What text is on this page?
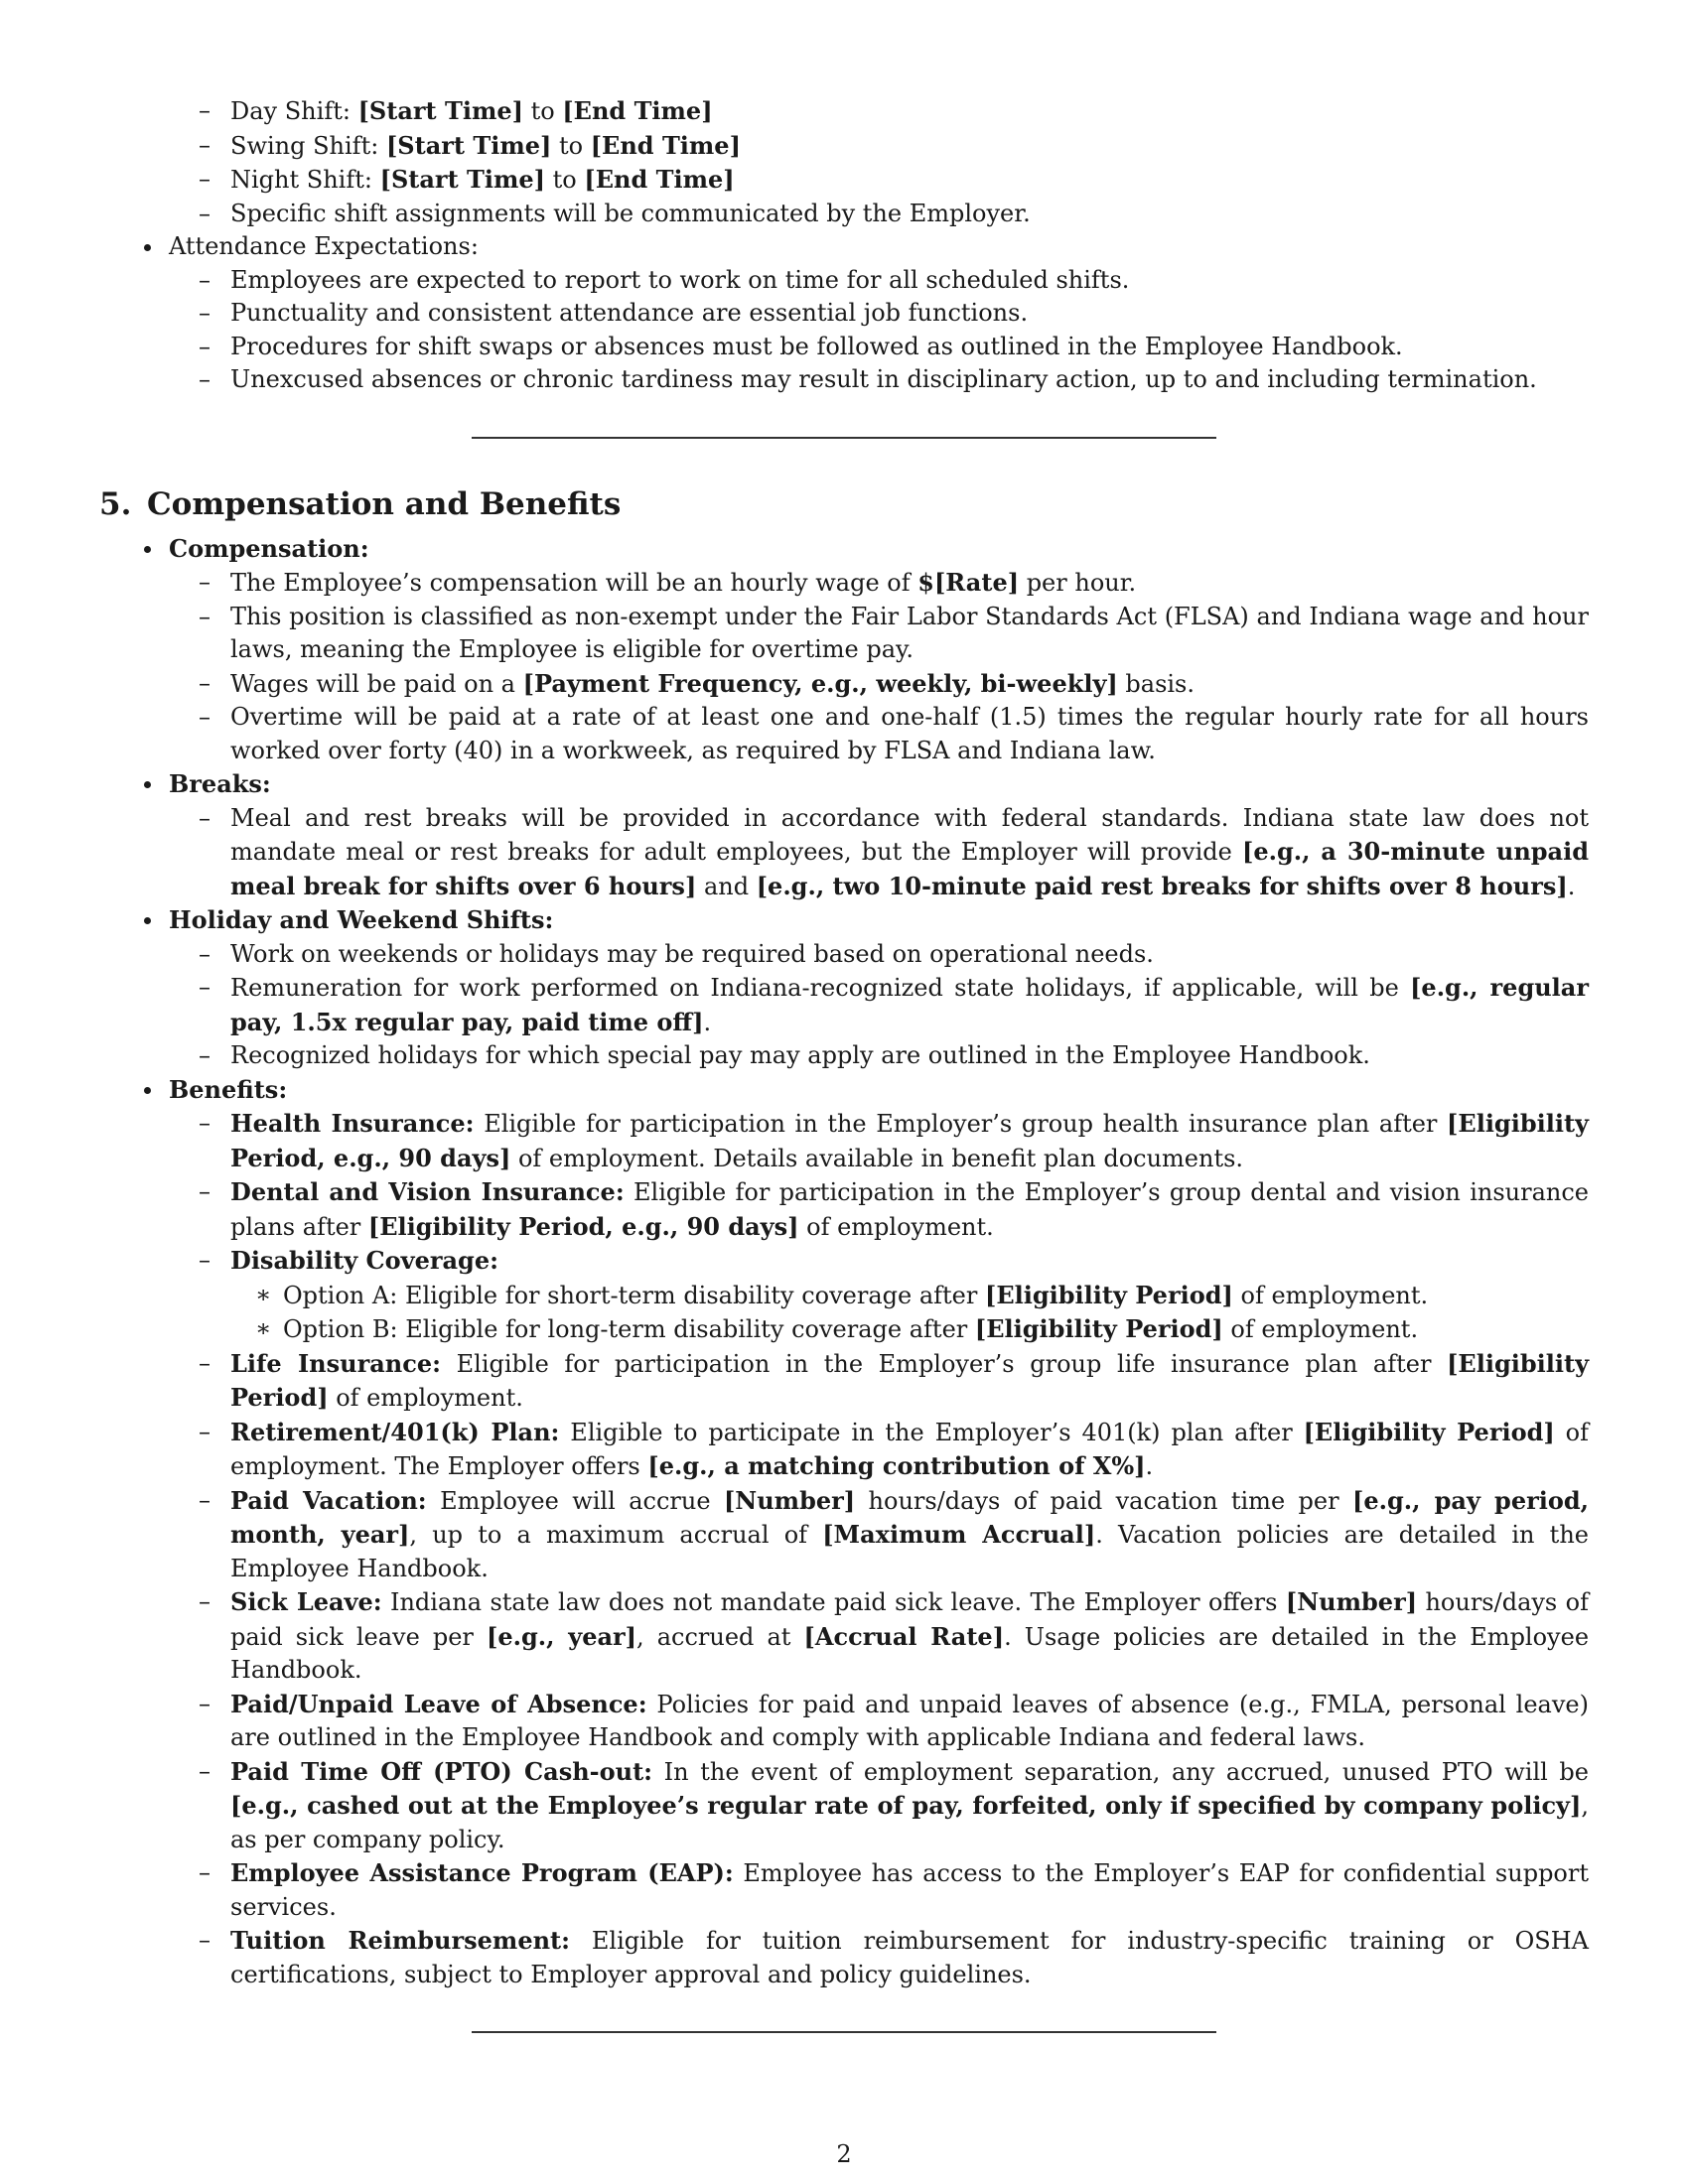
– Day Shift: [Start Time] to [End Time]
– Swing Shift: [Start Time] to [End Time]
– Night Shift: [Start Time] to [End Time]
– Specific shift assignments will be communicated by the Employer.
Attendance Expectations:
– Employees are expected to report to work on time for all scheduled shifts.
– Punctuality and consistent attendance are essential job functions.
– Procedures for shift swaps or absences must be followed as outlined in the Employee Handbook.
– Unexcused absences or chronic tardiness may result in disciplinary action, up to and including termination.
5. Compensation and Benefits
Compensation:
– The Employee’s compensation will be an hourly wage of $[Rate] per hour.
– This position is classified as non-exempt under the Fair Labor Standards Act (FLSA) and Indiana wage and hour laws, meaning the Employee is eligible for overtime pay.
– Wages will be paid on a [Payment Frequency, e.g., weekly, bi-weekly] basis.
– Overtime will be paid at a rate of at least one and one-half (1.5) times the regular hourly rate for all hours worked over forty (40) in a workweek, as required by FLSA and Indiana law.
Breaks:
– Meal and rest breaks will be provided in accordance with federal standards. Indiana state law does not mandate meal or rest breaks for adult employees, but the Employer will provide [e.g., a 30-minute unpaid meal break for shifts over 6 hours] and [e.g., two 10-minute paid rest breaks for shifts over 8 hours].
Holiday and Weekend Shifts:
– Work on weekends or holidays may be required based on operational needs.
– Remuneration for work performed on Indiana-recognized state holidays, if applicable, will be [e.g., regular pay, 1.5x regular pay, paid time off].
– Recognized holidays for which special pay may apply are outlined in the Employee Handbook.
Benefits:
– Health Insurance: Eligible for participation in the Employer’s group health insurance plan after [Eligibility Period, e.g., 90 days] of employment. Details available in benefit plan documents.
– Dental and Vision Insurance: Eligible for participation in the Employer’s group dental and vision insurance plans after [Eligibility Period, e.g., 90 days] of employment.
– Disability Coverage:
∗ Option A: Eligible for short-term disability coverage after [Eligibility Period] of employment.
∗ Option B: Eligible for long-term disability coverage after [Eligibility Period] of employment.
– Life Insurance: Eligible for participation in the Employer’s group life insurance plan after [Eligibility Period] of employment.
– Retirement/401(k) Plan: Eligible to participate in the Employer’s 401(k) plan after [Eligibility Period] of employment. The Employer offers [e.g., a matching contribution of X%].
– Paid Vacation: Employee will accrue [Number] hours/days of paid vacation time per [e.g., pay period, month, year], up to a maximum accrual of [Maximum Accrual]. Vacation policies are detailed in the Employee Handbook.
– Sick Leave: Indiana state law does not mandate paid sick leave. The Employer offers [Number] hours/days of paid sick leave per [e.g., year], accrued at [Accrual Rate]. Usage policies are detailed in the Employee Handbook.
– Paid/Unpaid Leave of Absence: Policies for paid and unpaid leaves of absence (e.g., FMLA, personal leave) are outlined in the Employee Handbook and comply with applicable Indiana and federal laws.
– Paid Time Off (PTO) Cash-out: In the event of employment separation, any accrued, unused PTO will be [e.g., cashed out at the Employee’s regular rate of pay, forfeited, only if specified by company policy], as per company policy.
– Employee Assistance Program (EAP): Employee has access to the Employer’s EAP for confidential support services.
– Tuition Reimbursement: Eligible for tuition reimbursement for industry-specific training or OSHA certifications, subject to Employer approval and policy guidelines.
2
